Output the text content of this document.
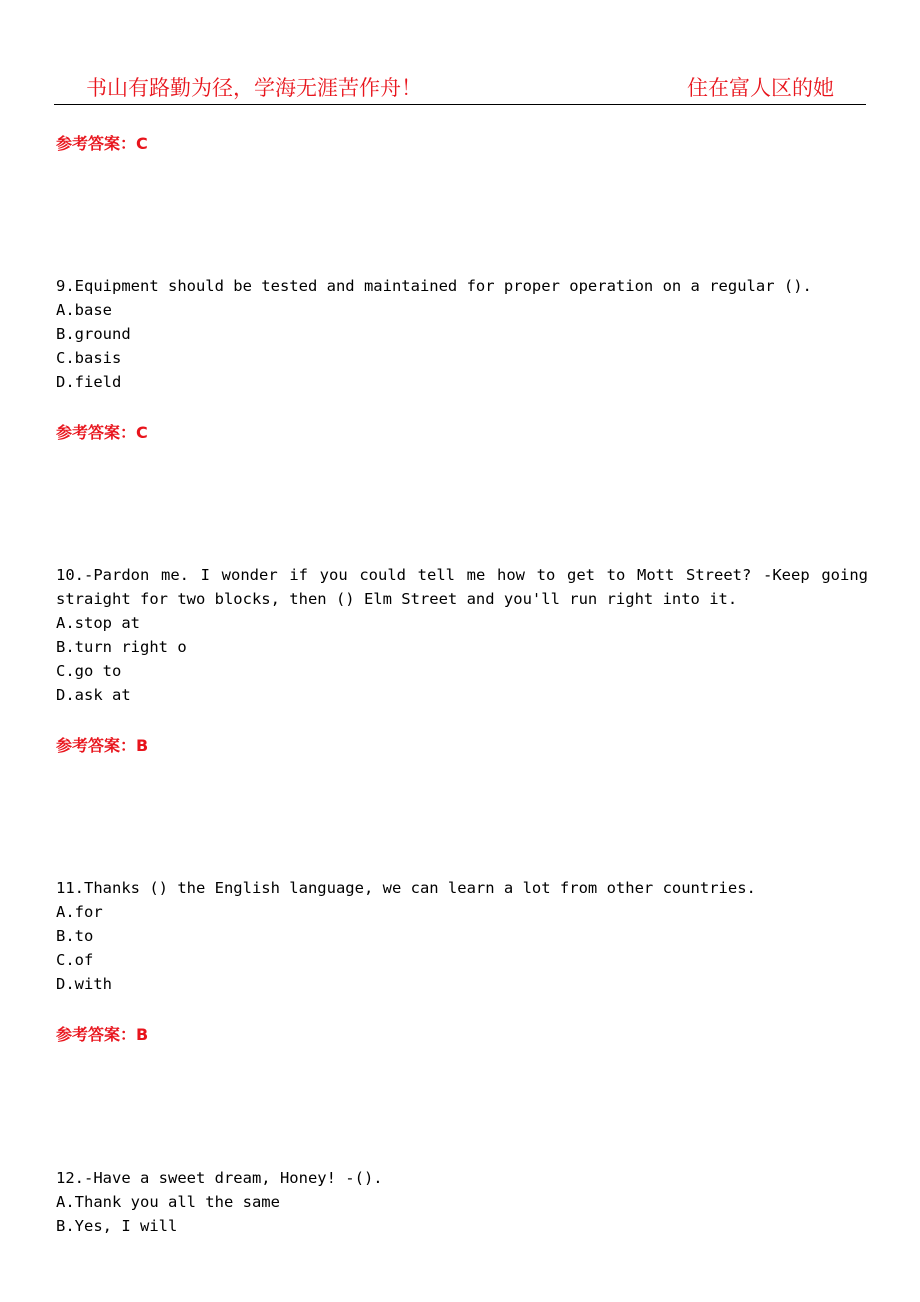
书山有路勤为径，学海无涯苦作舟！	住在富人区的她
参考答案：C

9.Equipment should be tested and maintained for proper operation on a regular ().

A.base

B.ground

C.basis

D.field

参考答案：C

10.-Pardon me. I wonder if you could tell me how to get to Mott Street? -Keep going straight for two blocks, then () Elm Street and you'll run right into it.

A.stop at

B.turn right o

C.go to

D.ask at

参考答案：B

11.Thanks () the English language, we can learn a lot from other countries.

A.for

B.to

C.of

D.with

参考答案：B

12.-Have a sweet dream, Honey! -().

A.Thank you all the same

B.Yes, I will
